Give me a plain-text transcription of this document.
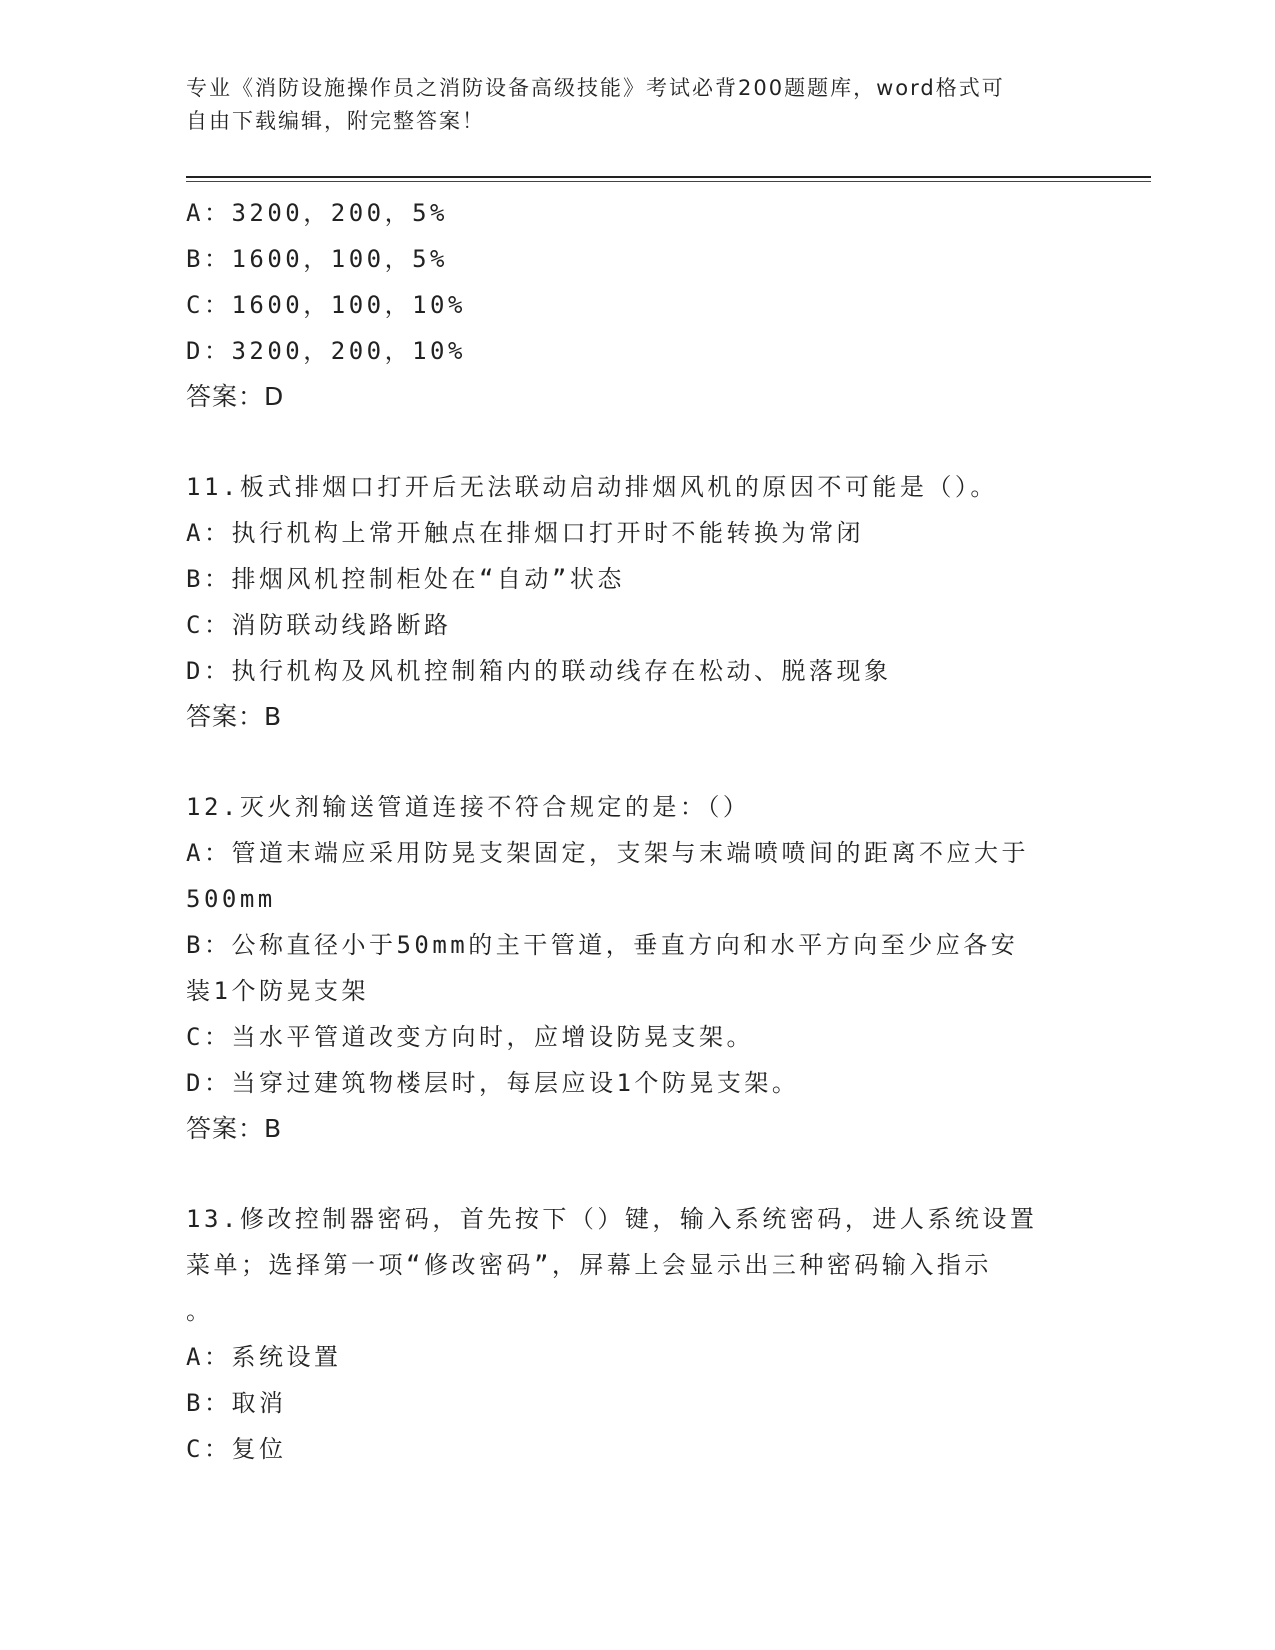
专业《消防设施操作员之消防设备高级技能》考试必背200题题库，word格式可
自由下载编辑，附完整答案！
A：3200，200，5%
B：1600，100，5%
C：1600，100，10%
D：3200，200，10%
答案：D
11.板式排烟口打开后无法联动启动排烟风机的原因不可能是（）。
A：执行机构上常开触点在排烟口打开时不能转换为常闭
B：排烟风机控制柜处在“自动”状态
C：消防联动线路断路
D：执行机构及风机控制箱内的联动线存在松动、脱落现象
答案：B
12.灭火剂输送管道连接不符合规定的是：（）
A：管道末端应采用防晃支架固定，支架与末端喷喷间的距离不应大于
500mm
B：公称直径小于50mm的主干管道，垂直方向和水平方向至少应各安
装1个防晃支架
C：当水平管道改变方向时，应增设防晃支架。
D：当穿过建筑物楼层时，每层应设1个防晃支架。
答案：B
13.修改控制器密码，首先按下（）键，输入系统密码，进人系统设置
菜单；选择第一项“修改密码”，屏幕上会显示出三种密码输入指示
。
A：系统设置
B：取消
C：复位
